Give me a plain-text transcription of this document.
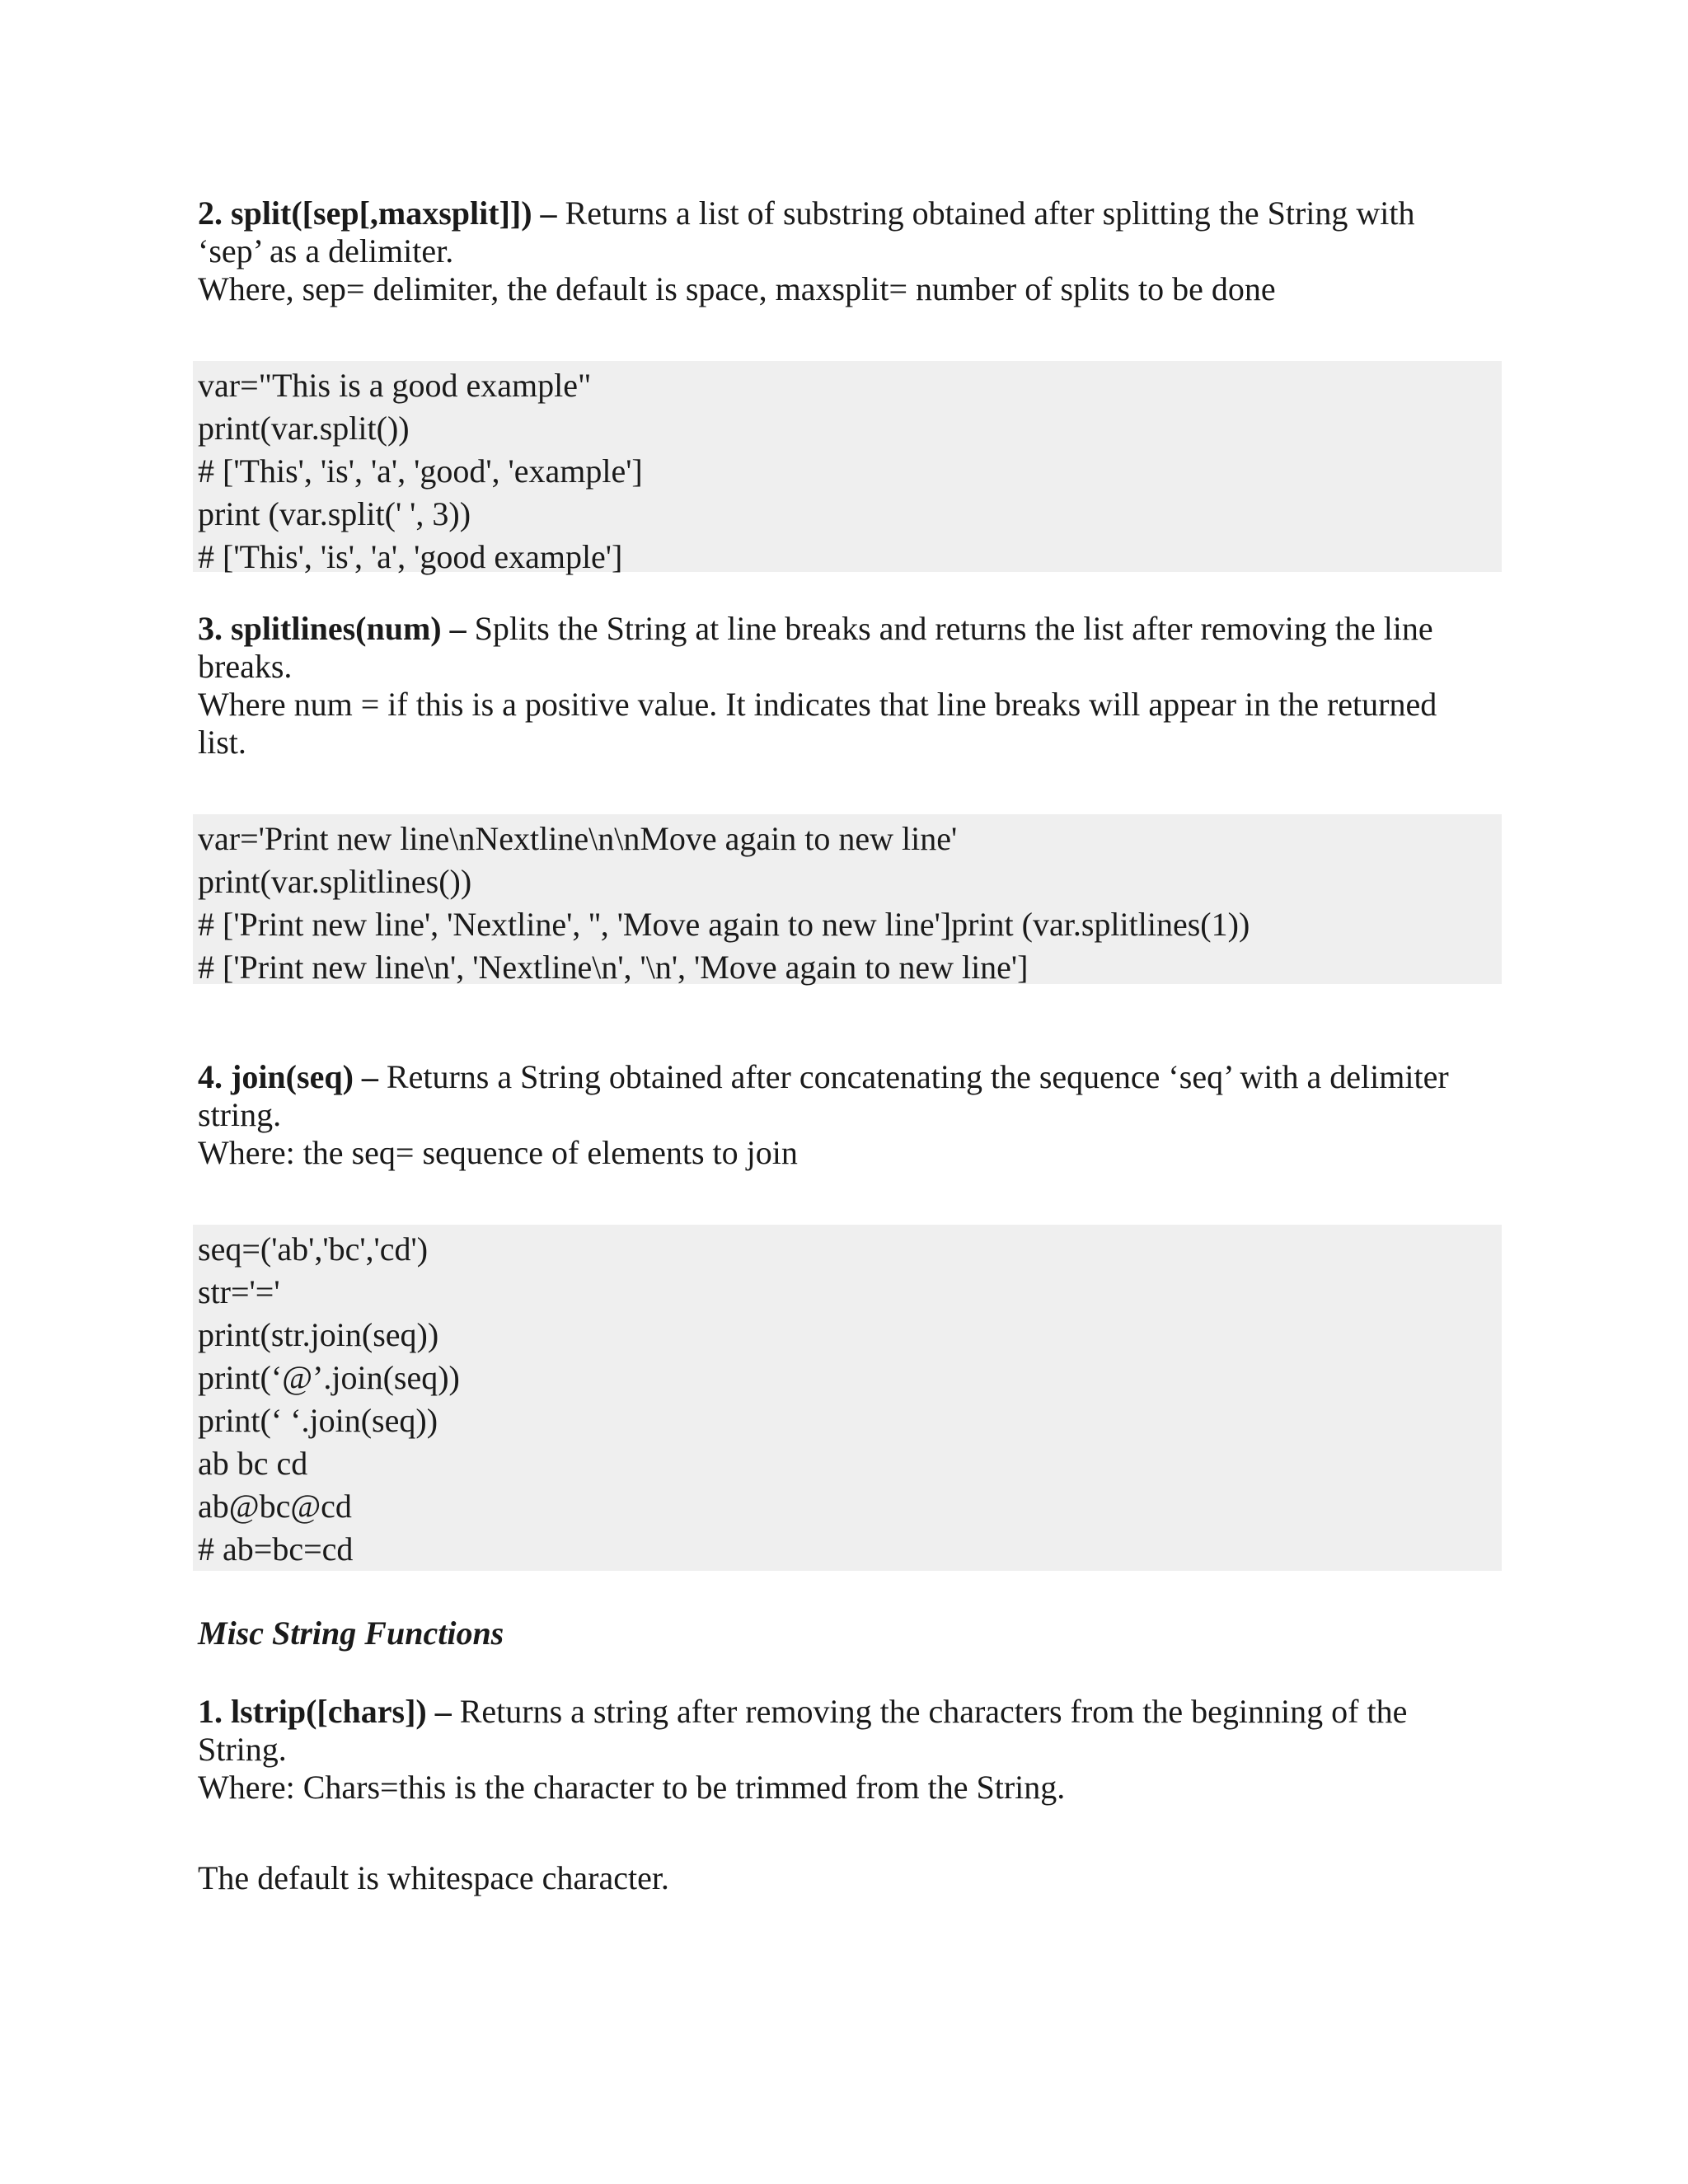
2. split([sep[,maxsplit]]) – Returns a list of substring obtained after splitting the String with
‘sep’ as a delimiter.
Where, sep= delimiter, the default is space, maxsplit= number of splits to be done

var="This is a good example"
print(var.split())
# ['This', 'is', 'a', 'good', 'example']
print (var.split(' ', 3))
# ['This', 'is', 'a', 'good example']

3. splitlines(num) – Splits the String at line breaks and returns the list after removing the line
breaks.
Where num = if this is a positive value. It indicates that line breaks will appear in the returned
list.

var='Print new line\nNextline\n\nMove again to new line'
print(var.splitlines())
# ['Print new line', 'Nextline', '', 'Move again to new line']print (var.splitlines(1))
# ['Print new line\n', 'Nextline\n', '\n', 'Move again to new line']

4. join(seq) – Returns a String obtained after concatenating the sequence ‘seq’ with a delimiter
string.
Where: the seq= sequence of elements to join

seq=('ab','bc','cd')
str='='
print(str.join(seq))
print(‘@’.join(seq))
print(‘ ‘.join(seq))
ab bc cd
ab@bc@cd
# ab=bc=cd

Misc String Functions

1. lstrip([chars]) – Returns a string after removing the characters from the beginning of the
String.
Where: Chars=this is the character to be trimmed from the String.

The default is whitespace character.
